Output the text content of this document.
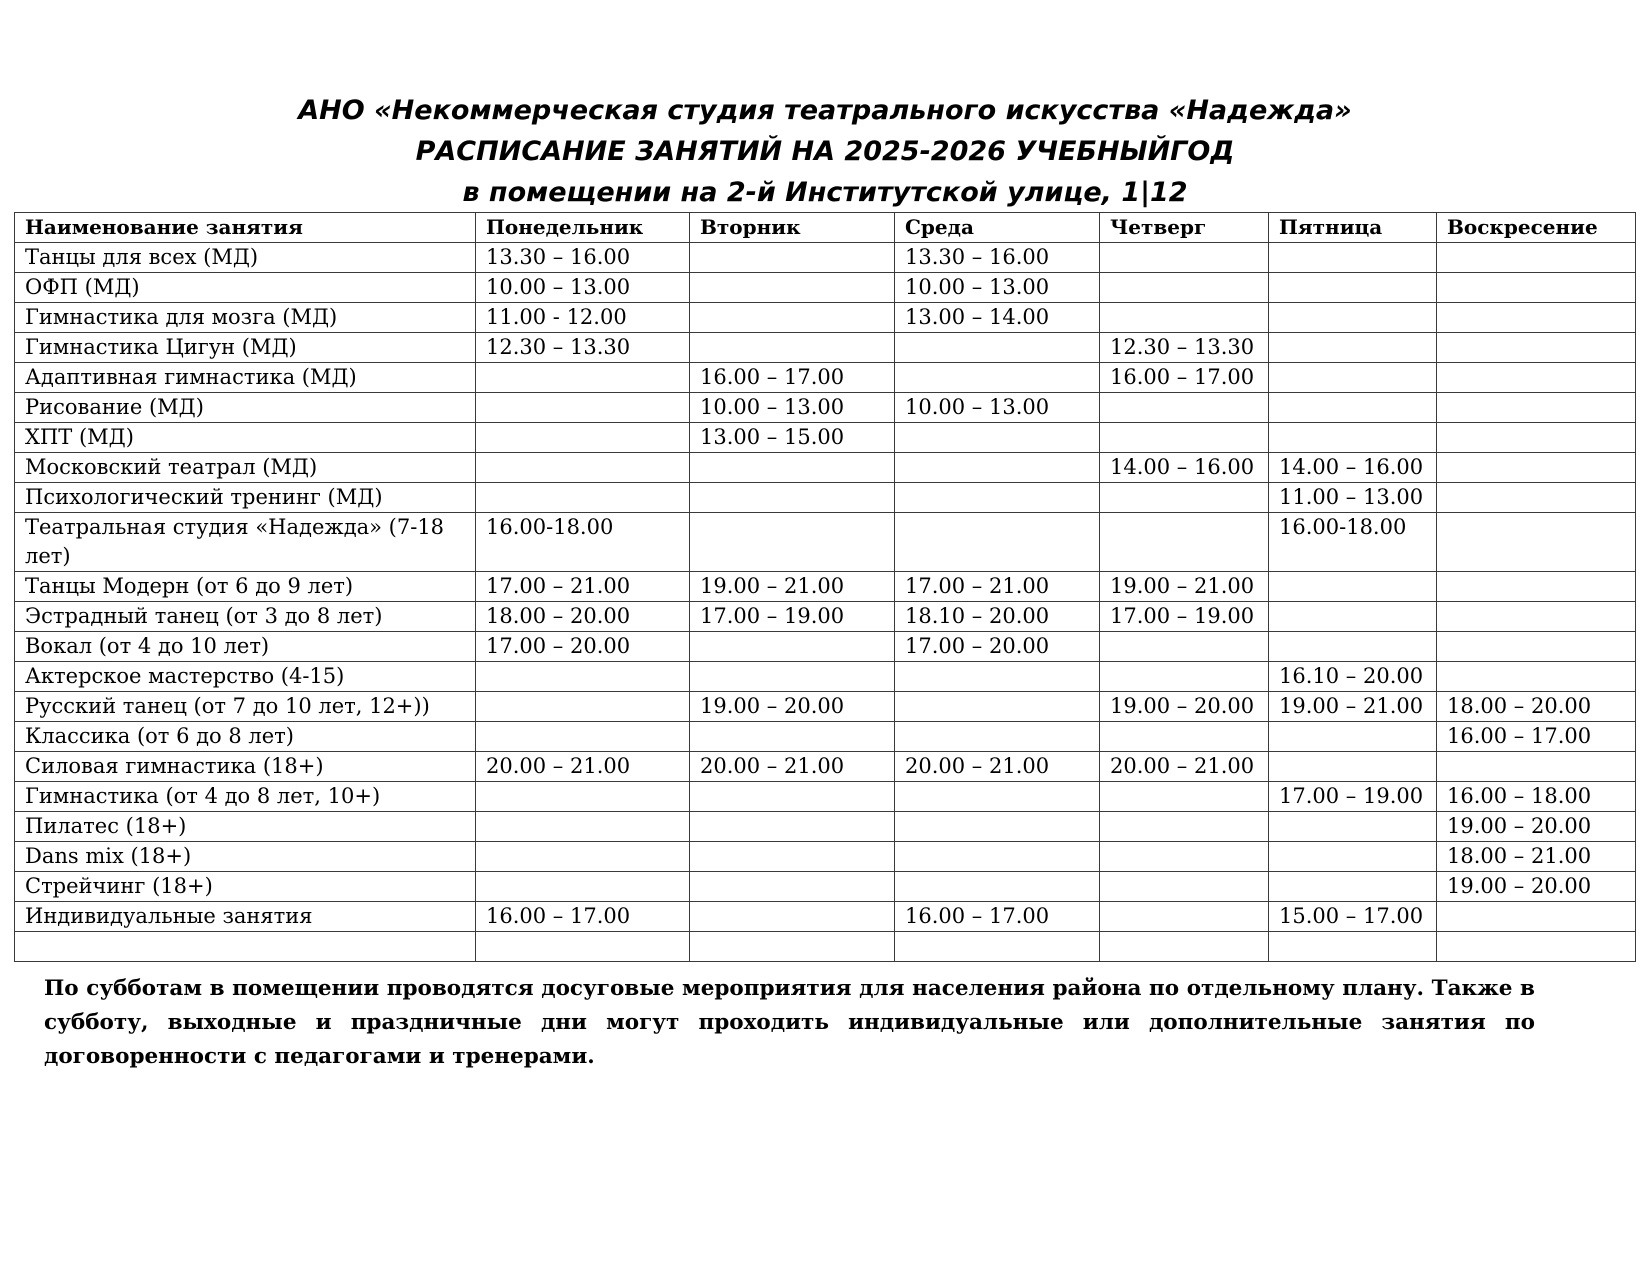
АНО «Некоммерческая студия театрального искусства «Надежда»
РАСПИСАНИЕ ЗАНЯТИЙ НА 2025-2026 УЧЕБНЫЙГОД
в помещении на 2-й Институтской улице, 1|12
Наименование занятия	Понедельник	Вторник	Среда	Четверг	Пятница	Воскресение
Танцы для всех (МД)	13.30 – 16.00		13.30 – 16.00			
ОФП (МД)	10.00 – 13.00		10.00 – 13.00			
Гимнастика для мозга (МД)	11.00 - 12.00		13.00 – 14.00			
Гимнастика Цигун (МД)	12.30 – 13.30			12.30 – 13.30		
Адаптивная гимнастика (МД)		16.00 – 17.00		16.00 – 17.00		
Рисование (МД)		10.00 – 13.00	10.00 – 13.00			
ХПТ (МД)		13.00 – 15.00				
Московский театрал (МД)				14.00 – 16.00	14.00 – 16.00	
Психологический тренинг (МД)					11.00 – 13.00	
Театральная студия «Надежда» (7-18 лет)	16.00-18.00				16.00-18.00	
Танцы Модерн (от 6 до 9 лет)	17.00 – 21.00	19.00 – 21.00	17.00 – 21.00	19.00 – 21.00		
Эстрадный танец (от 3 до 8 лет)	18.00 – 20.00	17.00 – 19.00	18.10 – 20.00	17.00 – 19.00		
Вокал (от 4 до 10 лет)	17.00 – 20.00		17.00 – 20.00			
Актерское мастерство (4-15)					16.10 – 20.00	
Русский танец (от 7 до 10 лет, 12+))		19.00 – 20.00		19.00 – 20.00	19.00 – 21.00	18.00 – 20.00
Классика (от 6 до 8 лет)						16.00 – 17.00
Силовая гимнастика (18+)	20.00 – 21.00	20.00 – 21.00	20.00 – 21.00	20.00 – 21.00		
Гимнастика (от 4 до 8 лет, 10+)					17.00 – 19.00	16.00 – 18.00
Пилатес (18+)						19.00 – 20.00
Dans mix (18+)						18.00 – 21.00
Стрейчинг (18+)						19.00 – 20.00
Индивидуальные занятия	16.00 – 17.00		16.00 – 17.00		15.00 – 17.00	

По субботам в помещении проводятся досуговые мероприятия для населения района по отдельному плану. Также в субботу, выходные и праздничные дни могут проходить индивидуальные или дополнительные занятия по договоренности с педагогами и тренерами.
